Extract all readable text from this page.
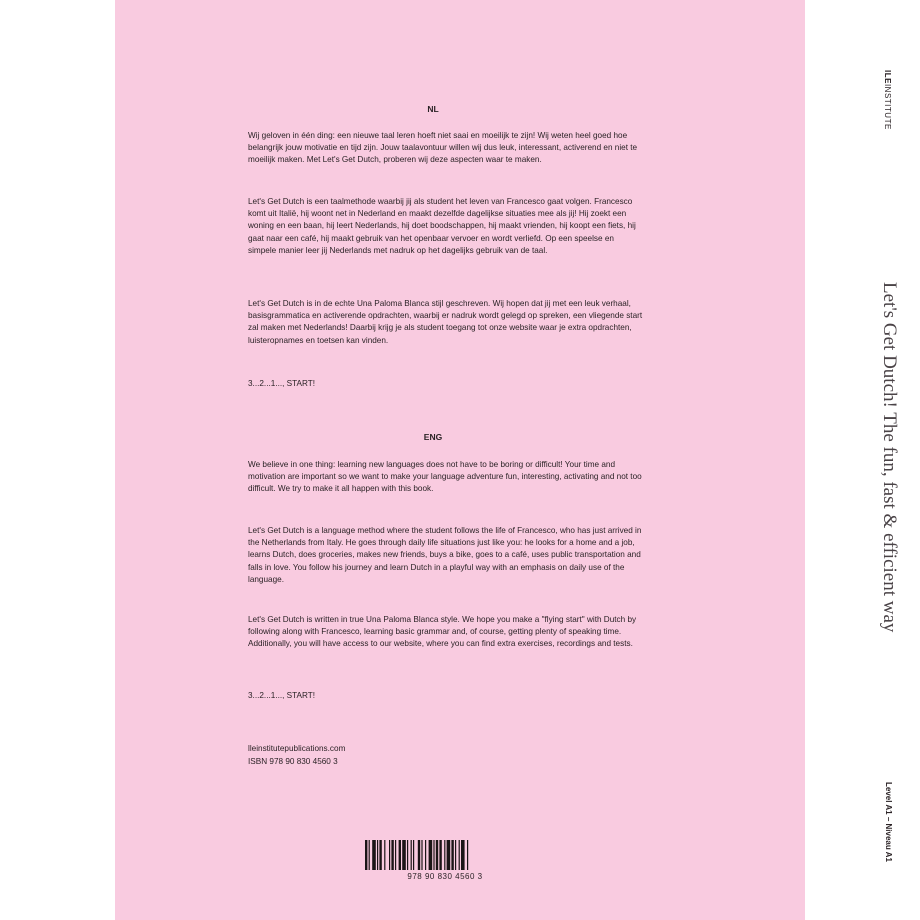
ILEINSTITUTE
Let's Get Dutch! The fun, fast & efficient way
Level A1 – Niveau A1
NL

Wij geloven in één ding: een nieuwe taal leren hoeft niet saai en moeilijk te zijn! Wij weten heel goed hoe belangrijk jouw motivatie en tijd zijn. Jouw taalavontuur willen wij dus leuk, interessant, activerend en niet te moeilijk maken. Met Let's Get Dutch, proberen wij deze aspecten waar te maken.

Let's Get Dutch is een taalmethode waarbij jij als student het leven van Francesco gaat volgen. Francesco komt uit Italië, hij woont net in Nederland en maakt dezelfde dagelijkse situaties mee als jij! Hij zoekt een woning en een baan, hij leert Nederlands, hij doet boodschappen, hij maakt vrienden, hij koopt een fiets, hij gaat naar een café, hij maakt gebruik van het openbaar vervoer en wordt verliefd. Op een speelse en simpele manier leer jij Nederlands met nadruk op het dagelijks gebruik van de taal.

Let's Get Dutch is in de echte Una Paloma Blanca stijl geschreven. Wij hopen dat jij met een leuk verhaal, basisgrammatica en activerende opdrachten, waarbij er nadruk wordt gelegd op spreken, een vliegende start zal maken met Nederlands! Daarbij krijg je als student toegang tot onze website waar je extra opdrachten, luisteropnames en toetsen kan vinden.

3...2...1..., START!

ENG

We believe in one thing: learning new languages does not have to be boring or difficult! Your time and motivation are important so we want to make your language adventure fun, interesting, activating and not too difficult. We try to make it all happen with this book.

Let's Get Dutch is a language method where the student follows the life of Francesco, who has just arrived in the Netherlands from Italy. He goes through daily life situations just like you: he looks for a home and a job, learns Dutch, does groceries, makes new friends, buys a bike, goes to a café, uses public transportation and falls in love. You follow his journey and learn Dutch in a playful way with an emphasis on daily use of the language.

Let's Get Dutch is written in true Una Paloma Blanca style. We hope you make a "flying start" with Dutch by following along with Francesco, learning basic grammar and, of course, getting plenty of speaking time. Additionally, you will have access to our website, where you can find extra exercises, recordings and tests.

3...2...1..., START!

lleinstitutepublications.com

ISBN 978 90 830 4560 3

978 90 830 4560 3
